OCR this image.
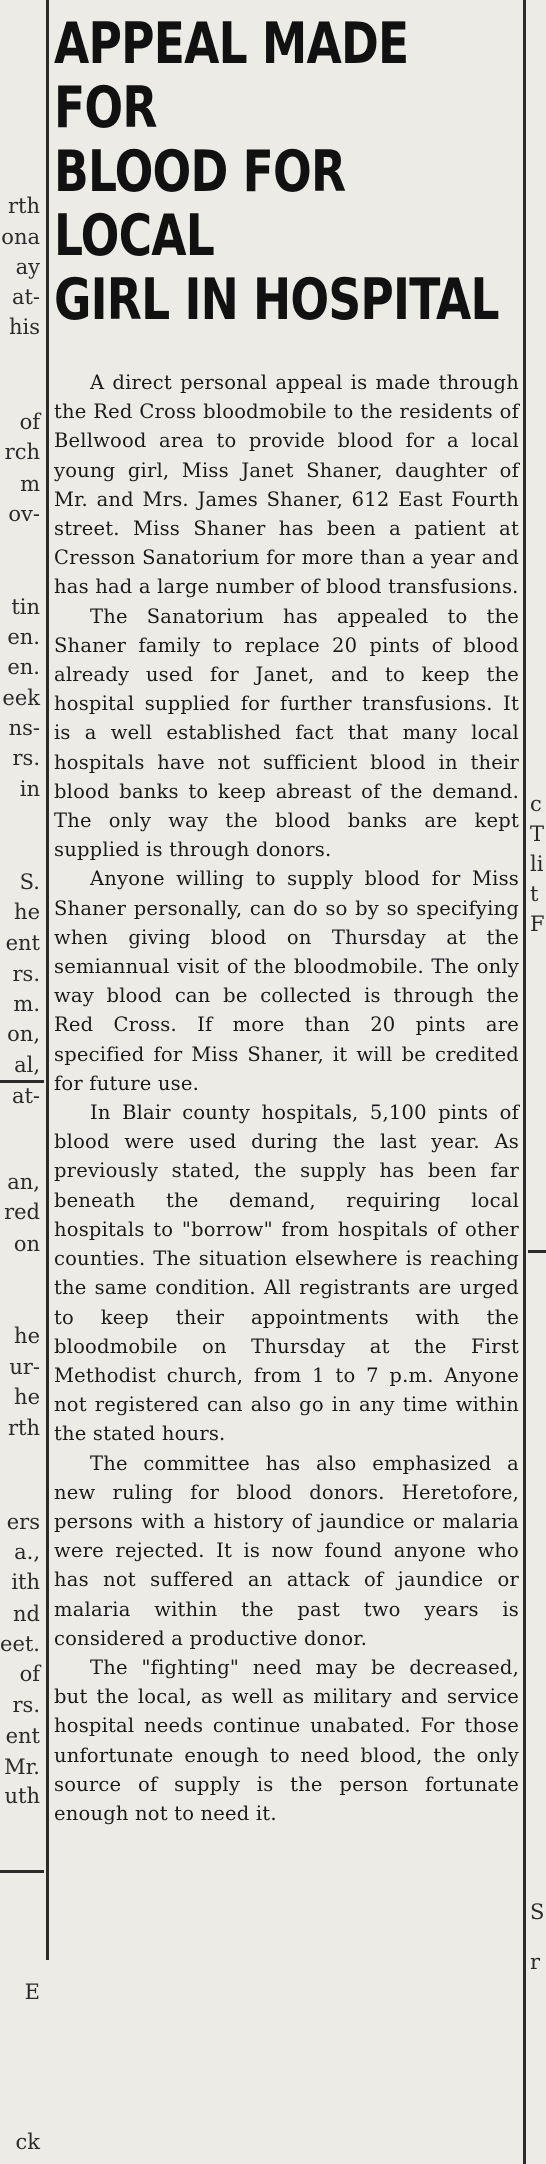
rth
ona
ay
at-
his
of
rch
m
ov-
tin
en.
en.
eek
ns-
rs.
in
S.
he
ent
rs.
m.
on,
al,
at-
an,
red
on
he
ur-
he
rth
ers
a.,
ith
nd
eet.
of
rs.
ent
Mr.
uth
E
ck
c
T
li
t
F
S
r
APPEAL MADE FOR
BLOOD FOR LOCAL
GIRL IN HOSPITAL

A direct personal appeal is made through the Red Cross bloodmobile to the residents of Bellwood area to provide blood for a local young girl, Miss Janet Shaner, daughter of Mr. and Mrs. James Shaner, 612 East Fourth street. Miss Shaner has been a patient at Cresson Sanatorium for more than a year and has had a large number of blood transfusions.

The Sanatorium has appealed to the Shaner family to replace 20 pints of blood already used for Janet, and to keep the hospital supplied for further transfusions. It is a well established fact that many local hospitals have not sufficient blood in their blood banks to keep abreast of the demand. The only way the blood banks are kept supplied is through donors.

Anyone willing to supply blood for Miss Shaner personally, can do so by so specifying when giving blood on Thursday at the semiannual visit of the bloodmobile. The only way blood can be collected is through the Red Cross. If more than 20 pints are specified for Miss Shaner, it will be credited for future use.

In Blair county hospitals, 5,100 pints of blood were used during the last year. As previously stated, the supply has been far beneath the demand, requiring local hospitals to "borrow" from hospitals of other counties. The situation elsewhere is reaching the same condition. All registrants are urged to keep their appointments with the bloodmobile on Thursday at the First Methodist church, from 1 to 7 p.m. Anyone not registered can also go in any time within the stated hours.

The committee has also emphasized a new ruling for blood donors. Heretofore, persons with a history of jaundice or malaria were rejected. It is now found anyone who has not suffered an attack of jaundice or malaria within the past two years is considered a productive donor.

The "fighting" need may be decreased, but the local, as well as military and service hospital needs continue unabated. For those unfortunate enough to need blood, the only source of supply is the person fortunate enough not to need it.
